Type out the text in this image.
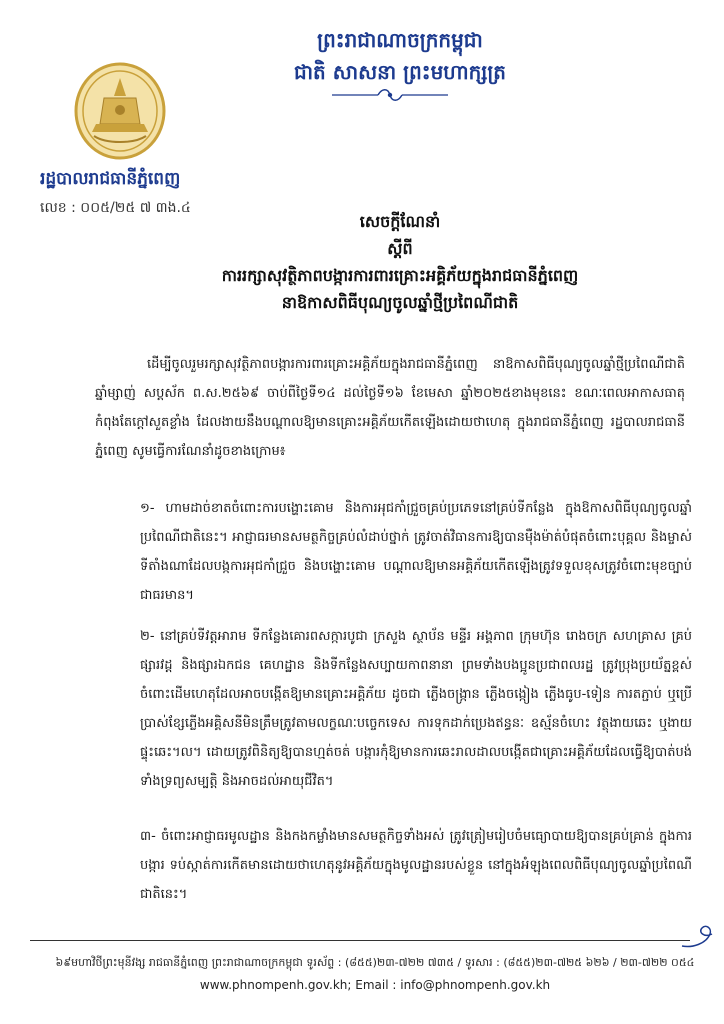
ព្រះរាជាណាចក្រកម្ពុជា
ជាតិ សាសនា ព្រះមហាក្សត្រ
រដ្ឋបាលរាជធានីភ្នំពេញ
លេខ : ០០៥/២៥ ៧ ៣ង.៤
សេចក្តីណែនាំ
ស្តីពី
ការរក្សាសុវត្ថិភាពបង្ការការពារគ្រោះអគ្គិភ័យក្នុងរាជធានីភ្នំពេញ
នាឱកាសពិធីបុណ្យចូលឆ្នាំថ្មីប្រពៃណីជាតិ
ដើម្បីចូលរួមរក្សាសុវត្ថិភាពបង្ការការពារគ្រោះអគ្គិភ័យក្នុងរាជធានីភ្នំពេញ នាឱកាសពិធីបុណ្យចូលឆ្នាំថ្មីប្រពៃណីជាតិ ឆ្នាំម្សាញ់ សប្តស័ក ព.ស.២៥៦៩ ចាប់ពីថ្ងៃទី១៤ ដល់ថ្ងៃទី១៦ ខែមេសា ឆ្នាំ២០២៥ខាងមុខនេះ ខណៈពេលអាកាសធាតុកំពុងតែក្តៅសួតខ្លាំង ដែលងាយនឹងបណ្តាលឱ្យមានគ្រោះអគ្គិភ័យកើតឡើងដោយថាហេតុ ក្នុងរាជធានីភ្នំពេញ រដ្ឋបាលរាជធានីភ្នំពេញ សូមធ្វើការណែនាំដូចខាងក្រោម៖
១- ហាមដាច់ខាតចំពោះការបង្ហោះគោម និងការអុជកាំជ្រួចគ្រប់ប្រភេទនៅគ្រប់ទីកន្លែង ក្នុងឱកាសពិធីបុណ្យចូលឆ្នាំប្រពៃណីជាតិនេះ។ អាជ្ញាធរមានសមត្ថកិច្ចគ្រប់លំដាប់ថ្នាក់ ត្រូវចាត់វិធានការឱ្យបានម៉ឺងម៉ាត់បំផុតចំពោះបុគ្គល និងម្ចាស់ទីតាំងណាដែលបង្កការអុជកាំជ្រួច និងបង្ហោះគោម បណ្តាលឱ្យមានអគ្គិភ័យកើតឡើងត្រូវទទួលខុសត្រូវចំពោះមុខច្បាប់ជាធរមាន។
២- នៅគ្រប់ទីវត្តអារាម ទីកន្លែងគោរពសក្ការបូជា ក្រសួង ស្ថាប័ន មន្ទីរ អង្គភាព ក្រុមហ៊ុន រោងចក្រ សហគ្រាស គ្រប់ផ្សារវដ្ត និងផ្សារឯកជន គេហដ្ឋាន និងទីកន្លែងសប្បាយកាពនានា ព្រមទាំងបងប្អូនប្រជាពលរដ្ឋ ត្រូវប្រុងប្រយ័ត្នខ្ពស់ចំពោះដើមហេតុដែលអាចបង្កើតឱ្យមានគ្រោះអគ្គិភ័យ ដូចជា ភ្លើងចង្ក្រាន ភ្លើងចង្កៀង ភ្លើងធូប-ទៀន ការតភ្ជាប់ ឬប្រើប្រាស់ខ្សែភ្លើងអគ្គិសនីមិនត្រឹមត្រូវតាមលក្ខណៈបច្ចេកទេស ការទុកដាក់ប្រេងឥន្ធនៈ ឧស្ម័នចំហេះ វត្ថុងាយឆេះ ឬងាយផ្ទុះឆេះ។ល។ ដោយត្រូវពិនិត្យឱ្យបានហ្មត់ចត់ បង្ការកុំឱ្យមានការឆេះរាលដាលបង្កើតជាគ្រោះអគ្គិភ័យដែលធ្វើឱ្យបាត់បង់ទាំងទ្រព្យសម្បត្តិ និងអាចដល់អាយុជីវិត។
៣- ចំពោះអាជ្ញាធរមូលដ្ឋាន និងកងកម្លាំងមានសមត្ថកិច្ចទាំងអស់ ត្រូវត្រៀមរៀបចំមធ្យោបាយឱ្យបានគ្រប់គ្រាន់ ក្នុងការបង្ការ ទប់ស្កាត់ការកើតមានដោយថាហេតុនូវអគ្គិភ័យក្នុងមូលដ្ឋានរបស់ខ្លួន នៅក្នុងអំឡុងពេលពិធីបុណ្យចូលឆ្នាំប្រពៃណីជាតិនេះ។
៦៩មហាវិថីព្រះមុនីវង្ស រាជធានីភ្នំពេញ ព្រះរាជាណាចក្រកម្ពុជា ទូរស័ព្ទ : (៨៥៥)២៣-៧២២ ៧៣៥ / ទូរសារ : (៨៥៥)២៣-៧២៥ ៦២៦ / ២៣-៧២២ ០៥៤
www.phnompenh.gov.kh; Email : info@phnompenh.gov.kh
